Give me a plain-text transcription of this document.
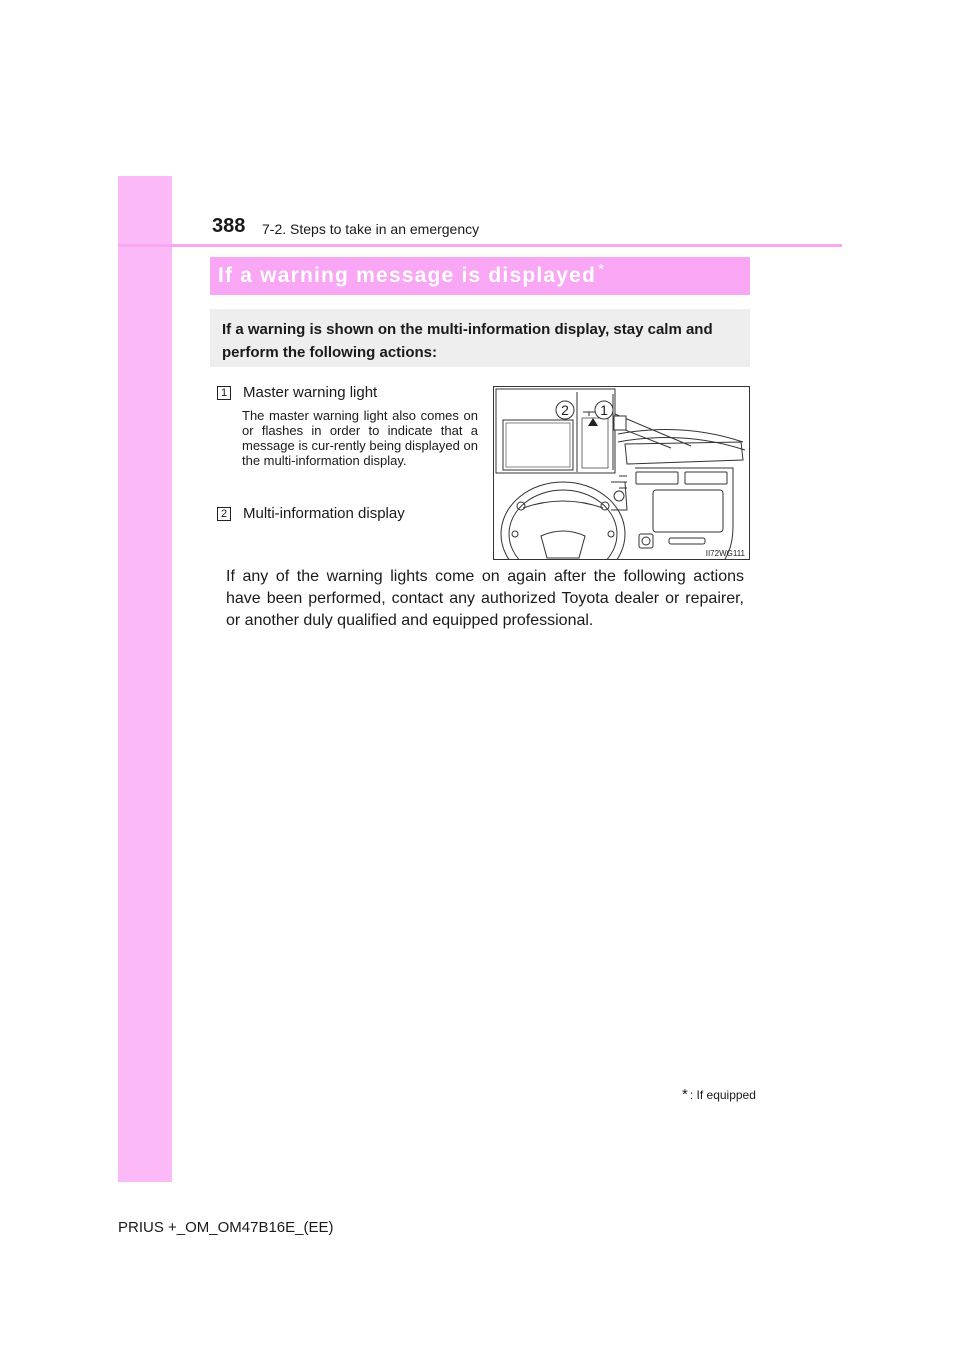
388 7-2. Steps to take in an emergency
If a warning message is displayed *
If a warning is shown on the multi-information display, stay calm and perform the following actions:
1 Master warning light
The master warning light also comes on or flashes in order to indicate that a message is cur-rently being displayed on the multi-information display.
2 Multi-information display
2 1
II72WG111
If any of the warning lights come on again after the following actions have been performed, contact any authorized Toyota dealer or repairer, or another duly qualified and equipped professional.
* : If equipped
PRIUS +_OM_OM47B16E_(EE)
